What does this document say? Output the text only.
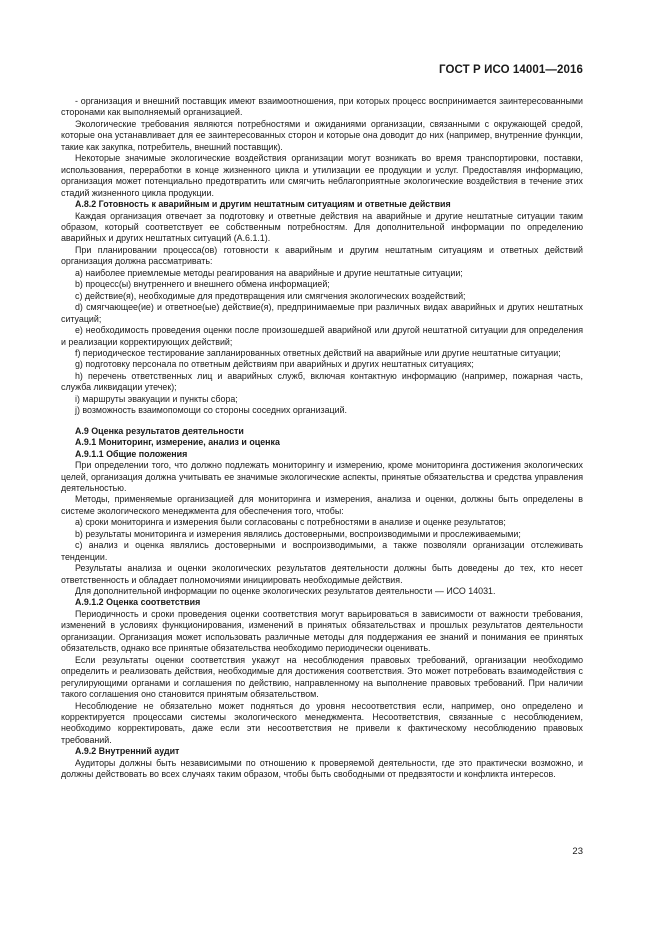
ГОСТ Р ИСО 14001—2016

- организация и внешний поставщик имеют взаимоотношения, при которых процесс воспринимается заинтересованными сторонами как выполняемый организацией.

Экологические требования являются потребностями и ожиданиями организации, связанными с окружающей средой, которые она устанавливает для ее заинтересованных сторон и которые она доводит до них (например, внутренние функции, такие как закупка, потребитель, внешний поставщик).

Некоторые значимые экологические воздействия организации могут возникать во время транспортировки, поставки, использования, переработки в конце жизненного цикла и утилизации ее продукции и услуг. Предоставляя информацию, организация может потенциально предотвратить или смягчить неблагоприятные экологические воздействия в течение этих стадий жизненного цикла продукции.

А.8.2 Готовность к аварийным и другим нештатным ситуациям и ответные действия

Каждая организация отвечает за подготовку и ответные действия на аварийные и другие нештатные ситуации таким образом, который соответствует ее собственным потребностям. Для дополнительной информации по определению аварийных и других нештатных ситуаций (А.6.1.1).

При планировании процесса(ов) готовности к аварийным и другим нештатным ситуациям и ответных действий организация должна рассматривать:

а) наиболее приемлемые методы реагирования на аварийные и другие нештатные ситуации;

b) процесс(ы) внутреннего и внешнего обмена информацией;

с) действие(я), необходимые для предотвращения или смягчения экологических воздействий;

d) смягчающее(ие) и ответное(ые) действие(я), предпринимаемые при различных видах аварийных и других нештатных ситуаций;

е) необходимость проведения оценки после произошедшей аварийной или другой нештатной ситуации для определения и реализации корректирующих действий;

f) периодическое тестирование запланированных ответных действий на аварийные или другие нештатные ситуации;

g) подготовку персонала по ответным действиям при аварийных и других нештатных ситуациях;

h) перечень ответственных лиц и аварийных служб, включая контактную информацию (например, пожарная часть, служба ликвидации утечек);

i) маршруты эвакуации и пункты сбора;

j) возможность взаимопомощи со стороны соседних организаций.

А.9 Оценка результатов деятельности

А.9.1 Мониторинг, измерение, анализ и оценка

А.9.1.1 Общие положения

При определении того, что должно подлежать мониторингу и измерению, кроме мониторинга достижения экологических целей, организация должна учитывать ее значимые экологические аспекты, принятые обязательства и средства управления деятельностью.

Методы, применяемые организацией для мониторинга и измерения, анализа и оценки, должны быть определены в системе экологического менеджмента для обеспечения того, чтобы:

а) сроки мониторинга и измерения были согласованы с потребностями в анализе и оценке результатов;

b) результаты мониторинга и измерения являлись достоверными, воспроизводимыми и прослеживаемыми;

с) анализ и оценка являлись достоверными и воспроизводимыми, а также позволяли организации отслеживать тенденции.

Результаты анализа и оценки экологических результатов деятельности должны быть доведены до тех, кто несет ответственность и обладает полномочиями инициировать необходимые действия.

Для дополнительной информации по оценке экологических результатов деятельности — ИСО 14031.

А.9.1.2 Оценка соответствия

Периодичность и сроки проведения оценки соответствия могут варьироваться в зависимости от важности требования, изменений в условиях функционирования, изменений в принятых обязательствах и прошлых результатов деятельности организации. Организация может использовать различные методы для поддержания ее знаний и понимания ее принятых обязательств, однако все принятые обязательства необходимо периодически оценивать.

Если результаты оценки соответствия укажут на несоблюдения правовых требований, организации необходимо определить и реализовать действия, необходимые для достижения соответствия. Это может потребовать взаимодействия с регулирующими органами и соглашения по действию, направленному на выполнение правовых требований. При наличии такого соглашения оно становится принятым обязательством.

Несоблюдение не обязательно может подняться до уровня несоответствия если, например, оно определено и корректируется процессами системы экологического менеджмента. Несоответствия, связанные с несоблюдением, необходимо корректировать, даже если эти несоответствия не привели к фактическому несоблюдению правовых требований.

А.9.2 Внутренний аудит

Аудиторы должны быть независимыми по отношению к проверяемой деятельности, где это практически возможно, и должны действовать во всех случаях таким образом, чтобы быть свободными от предвзятости и конфликта интересов.

23
